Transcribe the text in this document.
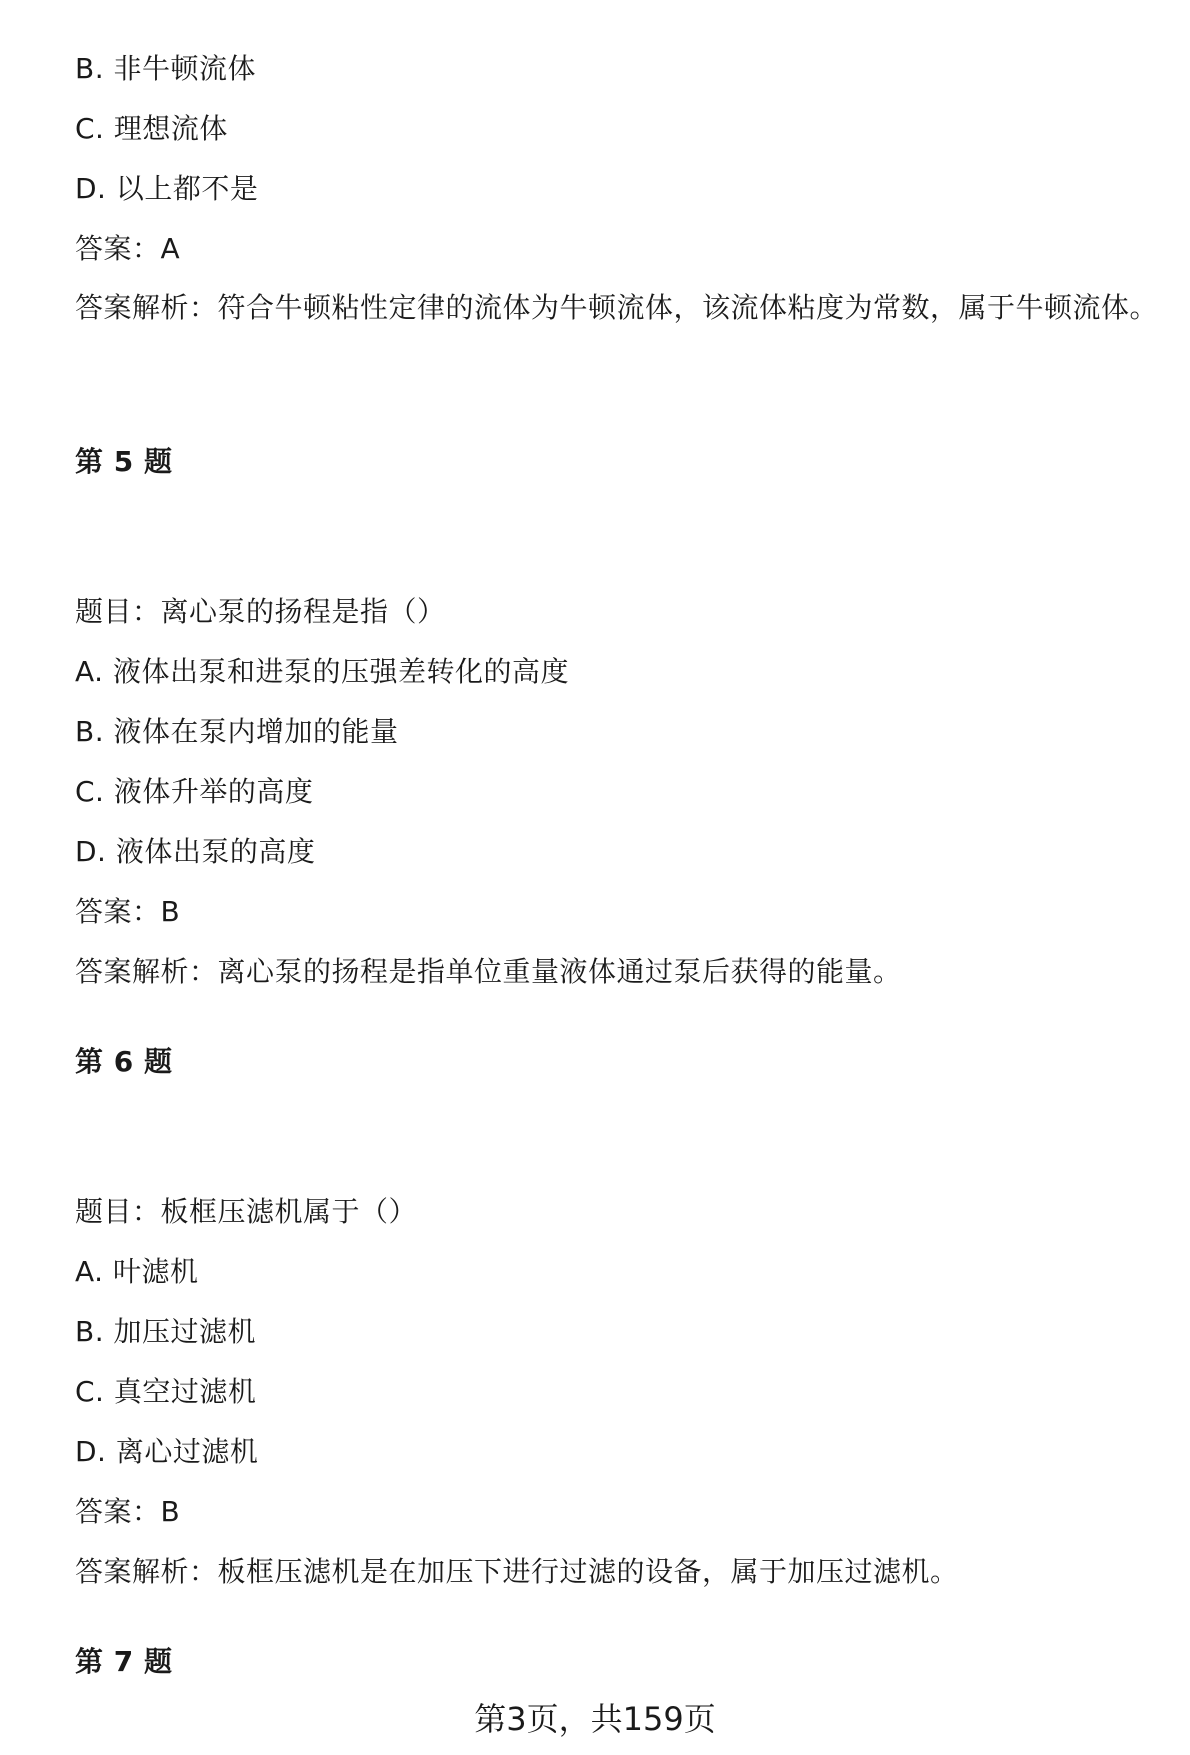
B. 非牛顿流体
C. 理想流体
D. 以上都不是
答案：A
答案解析：符合牛顿粘性定律的流体为牛顿流体，该流体粘度为常数，属于牛顿流体。
第 5 题
题目：离心泵的扬程是指（）
A. 液体出泵和进泵的压强差转化的高度
B. 液体在泵内增加的能量
C. 液体升举的高度
D. 液体出泵的高度
答案：B
答案解析：离心泵的扬程是指单位重量液体通过泵后获得的能量。
第 6 题
题目：板框压滤机属于（）
A. 叶滤机
B. 加压过滤机
C. 真空过滤机
D. 离心过滤机
答案：B
答案解析：板框压滤机是在加压下进行过滤的设备，属于加压过滤机。
第 7 题
第3页，共159页
